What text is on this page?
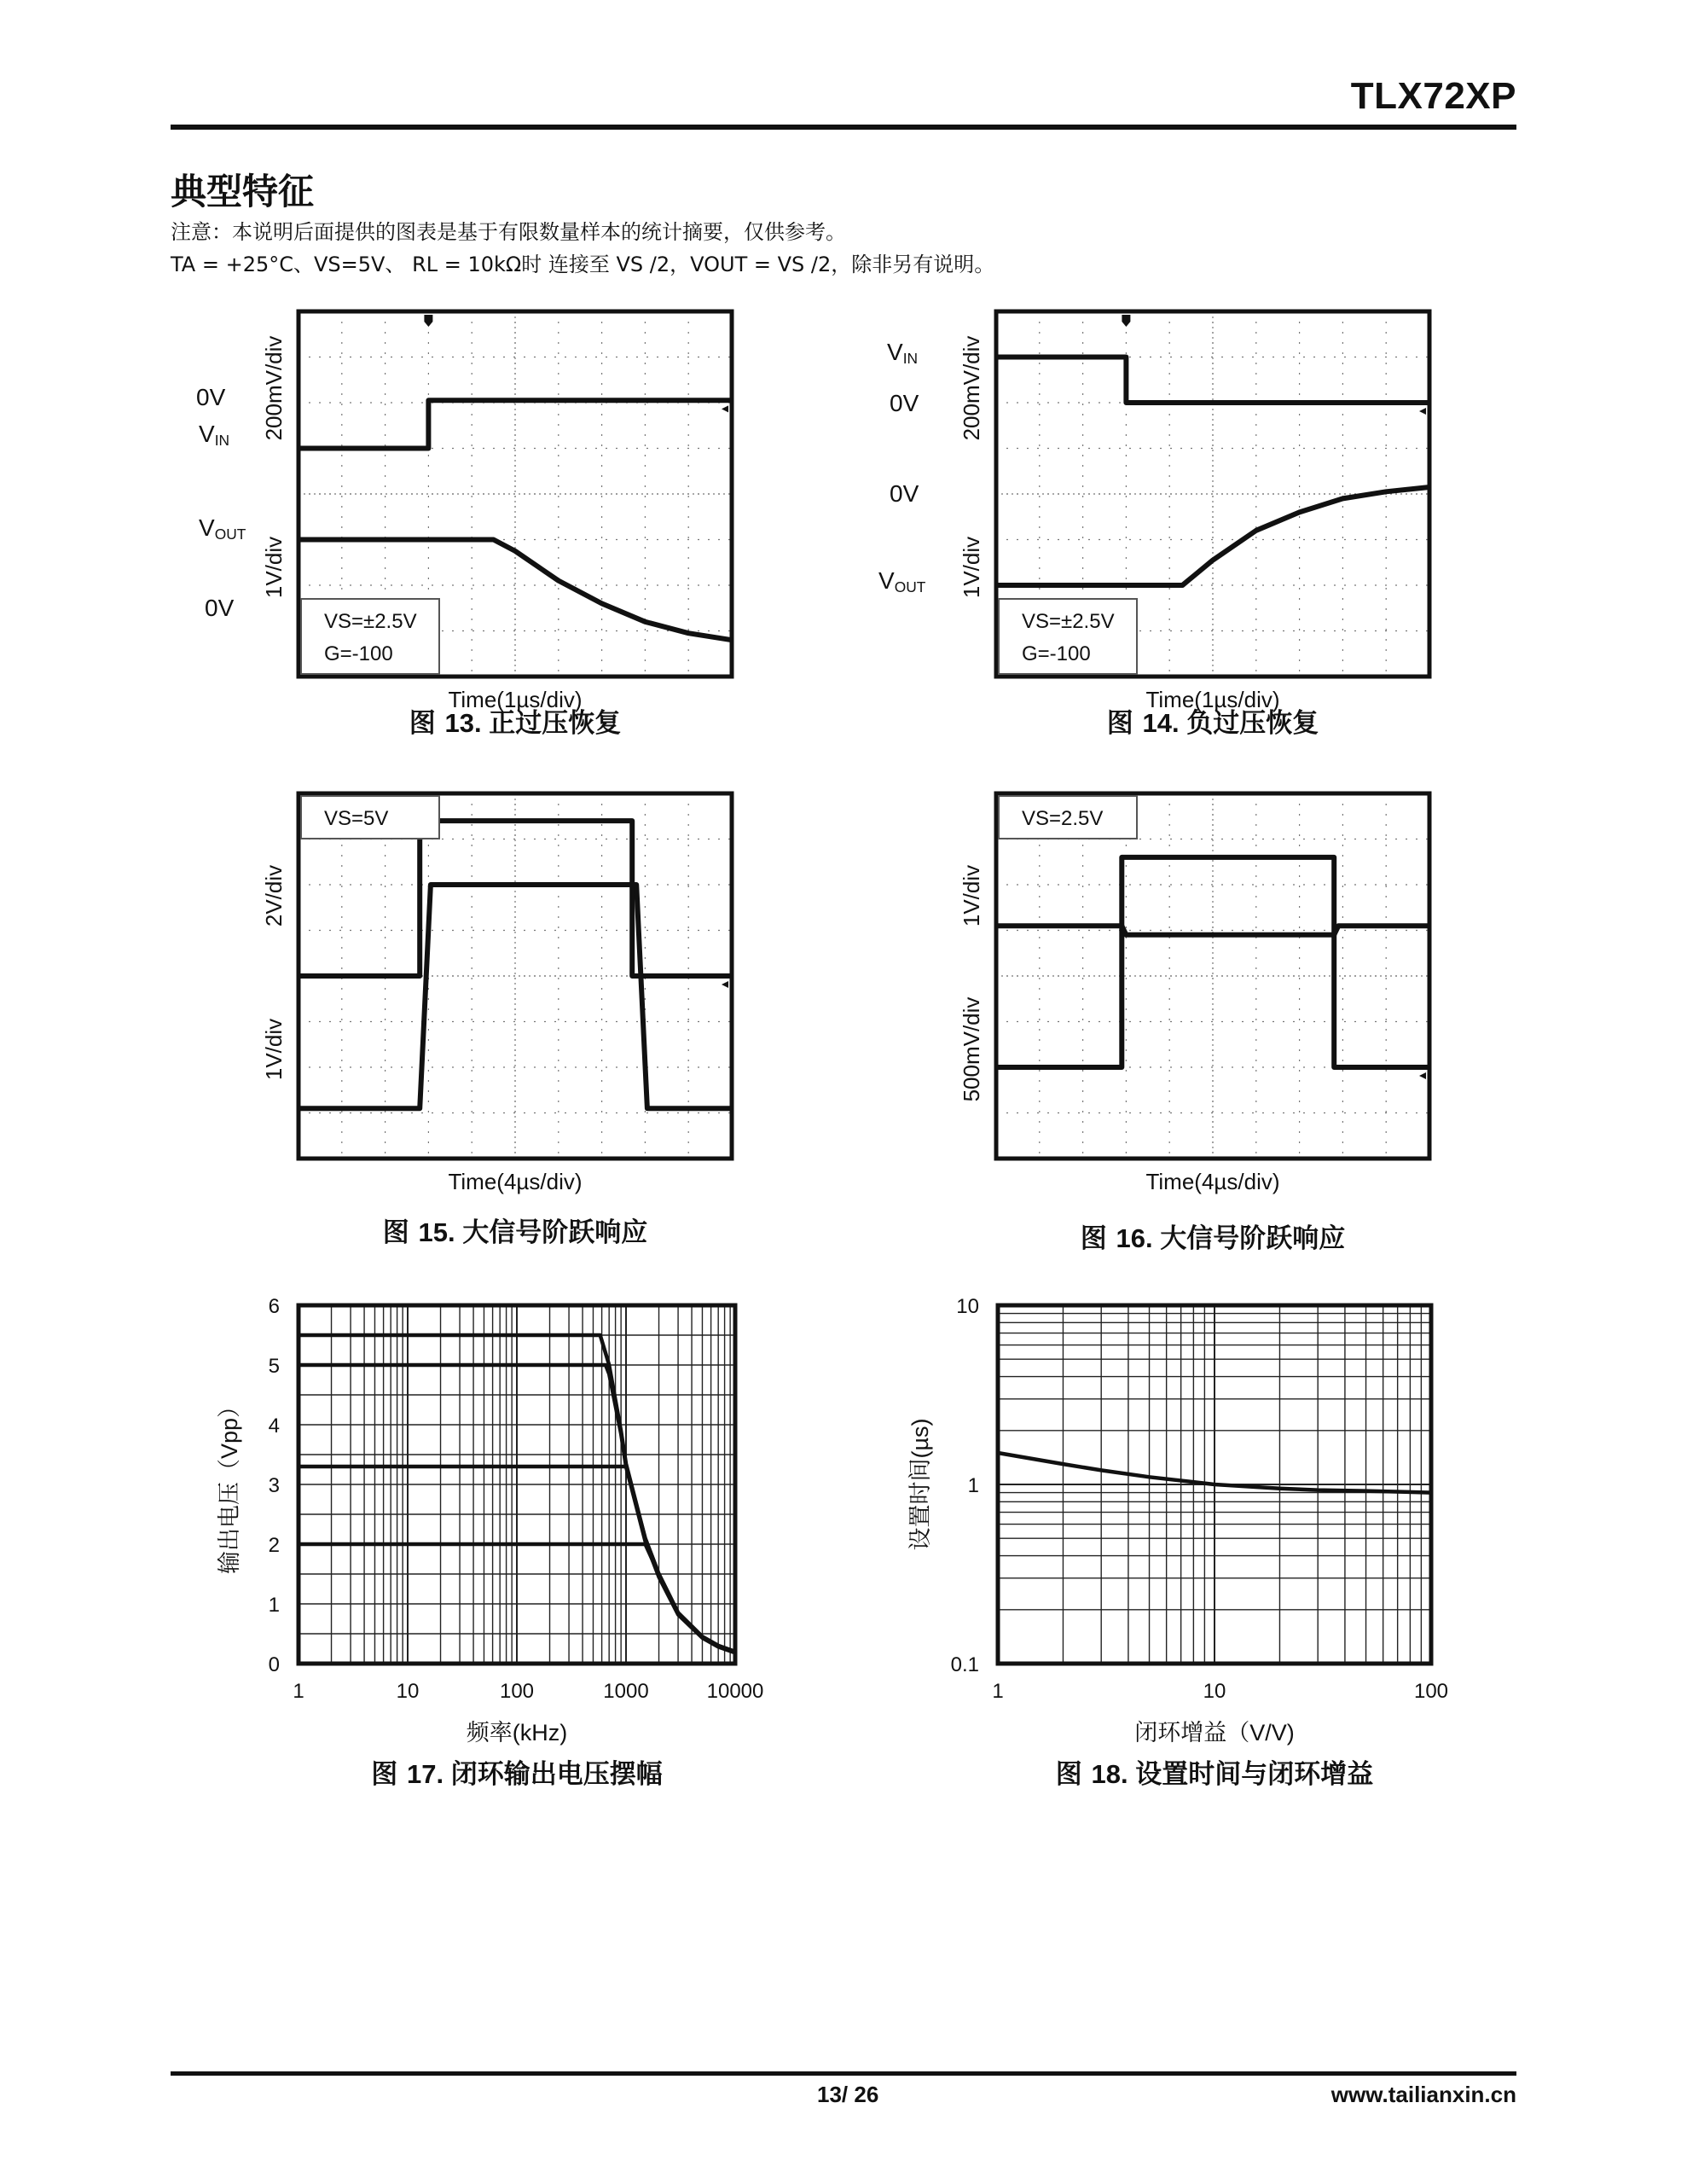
TLX72XP
典型特征
注意：本说明后面提供的图表是基于有限数量样本的统计摘要，仅供参考。
TA = +25°C、VS=5V、 RL = 10kΩ时 连接至 VS /2，VOUT = VS /2，除非另有说明。
VS=±2.5V
G=-100
200mV/div
1V/div
0V
VIN
VOUT
0V
Time(1µs/div)
图 13. 正过压恢复
VS=±2.5V
G=-100
200mV/div
1V/div
VIN
0V
0V
VOUT
Time(1µs/div)
图 14. 负过压恢复
VS=5V
2V/div
1V/div
Time(4µs/div)
图 15. 大信号阶跃响应
VS=2.5V
1V/div
500mV/div
Time(4µs/div)
图 16. 大信号阶跃响应
1	10	100	1000	10000
0
1
2
3
4
5
6
频率(kHz)
输出电压（Vpp）
图 17. 闭环输出电压摆幅
1	10	100
0.1
1
10
闭环增益（V/V)
设置时间(µs)
图 18. 设置时间与闭环增益
13/ 26	www.tailianxin.cn
